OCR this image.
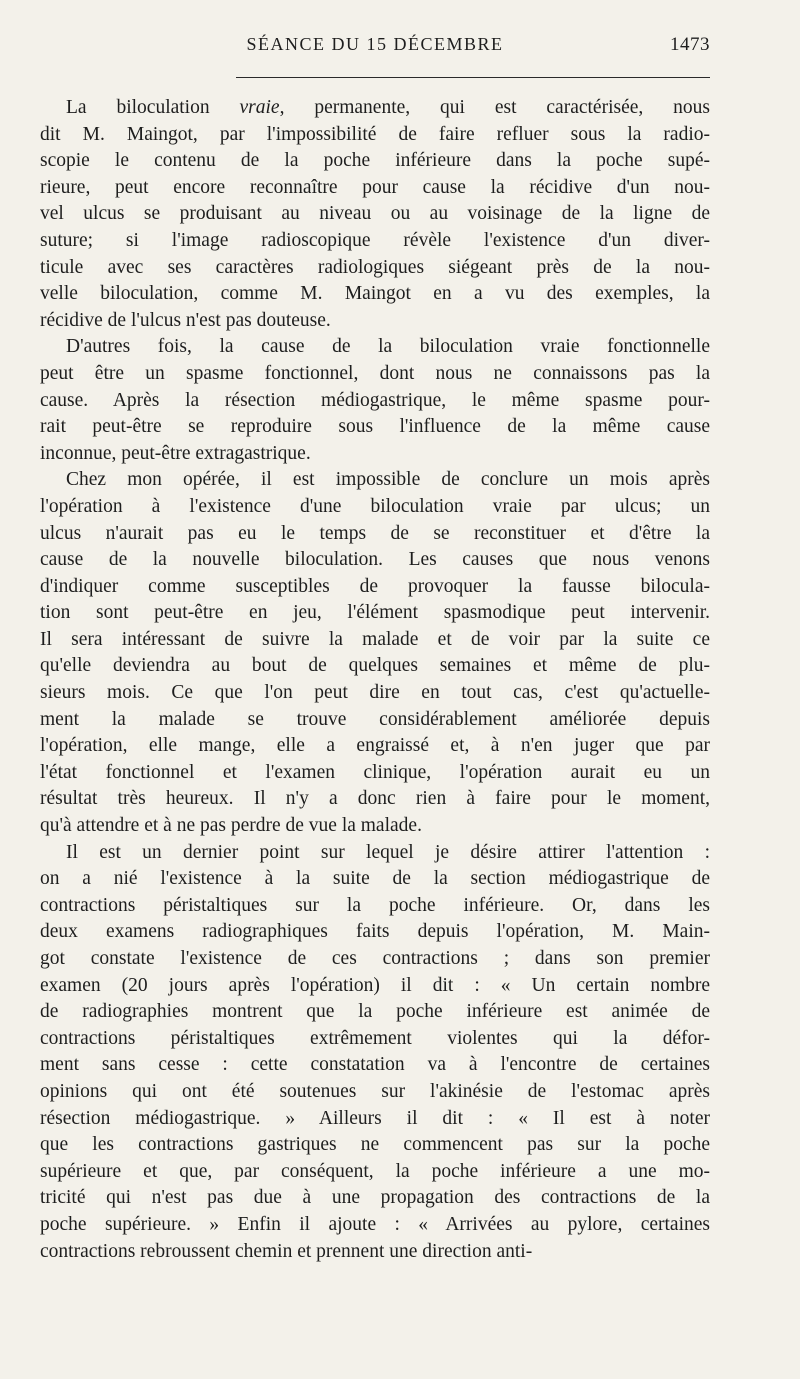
SÉANCE DU 15 DÉCEMBRE	1473
La biloculation vraie, permanente, qui est caractérisée, nous
dit M. Maingot, par l'impossibilité de faire refluer sous la radio-
scopie le contenu de la poche inférieure dans la poche supé-
rieure, peut encore reconnaître pour cause la récidive d'un nou-
vel ulcus se produisant au niveau ou au voisinage de la ligne de
suture; si l'image radioscopique révèle l'existence d'un diver-
ticule avec ses caractères radiologiques siégeant près de la nou-
velle biloculation, comme M. Maingot en a vu des exemples, la
récidive de l'ulcus n'est pas douteuse.
D'autres fois, la cause de la biloculation vraie fonctionnelle
peut être un spasme fonctionnel, dont nous ne connaissons pas la
cause. Après la résection médiogastrique, le même spasme pour-
rait peut-être se reproduire sous l'influence de la même cause
inconnue, peut-être extragastrique.
Chez mon opérée, il est impossible de conclure un mois après
l'opération à l'existence d'une biloculation vraie par ulcus; un
ulcus n'aurait pas eu le temps de se reconstituer et d'être la
cause de la nouvelle biloculation. Les causes que nous venons
d'indiquer comme susceptibles de provoquer la fausse bilocula-
tion sont peut-être en jeu, l'élément spasmodique peut intervenir.
Il sera intéressant de suivre la malade et de voir par la suite ce
qu'elle deviendra au bout de quelques semaines et même de plu-
sieurs mois. Ce que l'on peut dire en tout cas, c'est qu'actuelle-
ment la malade se trouve considérablement améliorée depuis
l'opération, elle mange, elle a engraissé et, à n'en juger que par
l'état fonctionnel et l'examen clinique, l'opération aurait eu un
résultat très heureux. Il n'y a donc rien à faire pour le moment,
qu'à attendre et à ne pas perdre de vue la malade.
Il est un dernier point sur lequel je désire attirer l'attention :
on a nié l'existence à la suite de la section médiogastrique de
contractions péristaltiques sur la poche inférieure. Or, dans les
deux examens radiographiques faits depuis l'opération, M. Main-
got constate l'existence de ces contractions ; dans son premier
examen (20 jours après l'opération) il dit : « Un certain nombre
de radiographies montrent que la poche inférieure est animée de
contractions péristaltiques extrêmement violentes qui la défor-
ment sans cesse : cette constatation va à l'encontre de certaines
opinions qui ont été soutenues sur l'akinésie de l'estomac après
résection médiogastrique. » Ailleurs il dit : « Il est à noter
que les contractions gastriques ne commencent pas sur la poche
supérieure et que, par conséquent, la poche inférieure a une mo-
tricité qui n'est pas due à une propagation des contractions de la
poche supérieure. » Enfin il ajoute : « Arrivées au pylore, certaines
contractions rebroussent chemin et prennent une direction anti-
